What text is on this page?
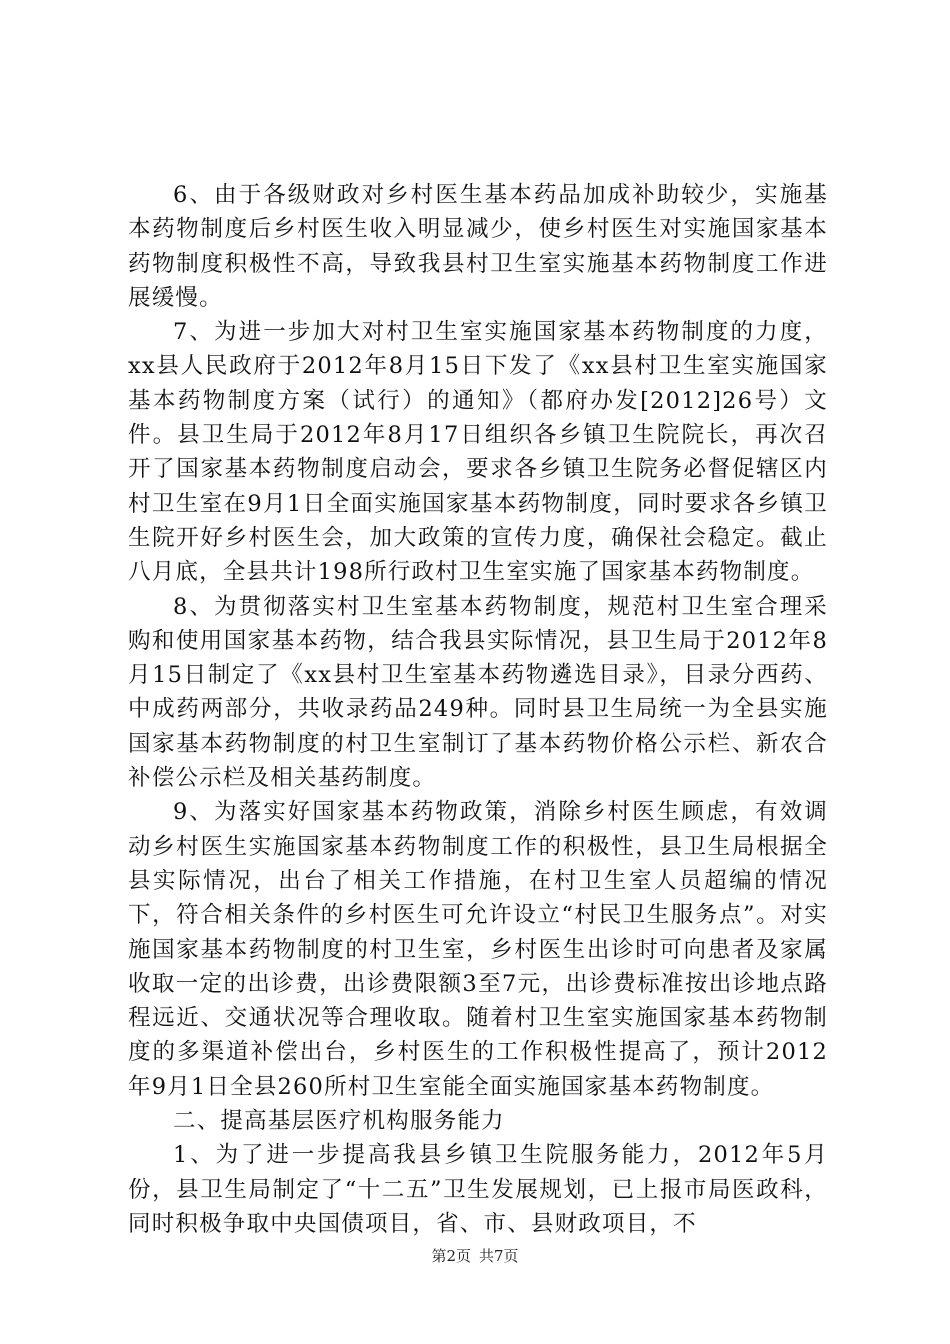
6、由于各级财政对乡村医生基本药品加成补助较少，实施基本药物制度后乡村医生收入明显减少，使乡村医生对实施国家基本药物制度积极性不高，导致我县村卫生室实施基本药物制度工作进展缓慢。

7、为进一步加大对村卫生室实施国家基本药物制度的力度，xx县人民政府于2012年8月15日下发了《xx县村卫生室实施国家基本药物制度方案（试行）的通知》（都府办发[2012]26号）文件。县卫生局于2012年8月17日组织各乡镇卫生院院长，再次召开了国家基本药物制度启动会，要求各乡镇卫生院务必督促辖区内村卫生室在9月1日全面实施国家基本药物制度，同时要求各乡镇卫生院开好乡村医生会，加大政策的宣传力度，确保社会稳定。截止八月底，全县共计198所行政村卫生室实施了国家基本药物制度。

8、为贯彻落实村卫生室基本药物制度，规范村卫生室合理采购和使用国家基本药物，结合我县实际情况，县卫生局于2012年8月15日制定了《xx县村卫生室基本药物遴选目录》，目录分西药、中成药两部分，共收录药品249种。同时县卫生局统一为全县实施国家基本药物制度的村卫生室制订了基本药物价格公示栏、新农合补偿公示栏及相关基药制度。

9、为落实好国家基本药物政策，消除乡村医生顾虑，有效调动乡村医生实施国家基本药物制度工作的积极性，县卫生局根据全县实际情况，出台了相关工作措施，在村卫生室人员超编的情况下，符合相关条件的乡村医生可允许设立“村民卫生服务点”。对实施国家基本药物制度的村卫生室，乡村医生出诊时可向患者及家属收取一定的出诊费，出诊费限额3至7元，出诊费标准按出诊地点路程远近、交通状况等合理收取。随着村卫生室实施国家基本药物制度的多渠道补偿出台，乡村医生的工作积极性提高了，预计2012年9月1日全县260所村卫生室能全面实施国家基本药物制度。

二、提高基层医疗机构服务能力

1、为了进一步提高我县乡镇卫生院服务能力，2012年5月份，县卫生局制定了“十二五”卫生发展规划，已上报市局医政科，同时积极争取中央国债项目，省、市、县财政项目，不

第2页 共7页
